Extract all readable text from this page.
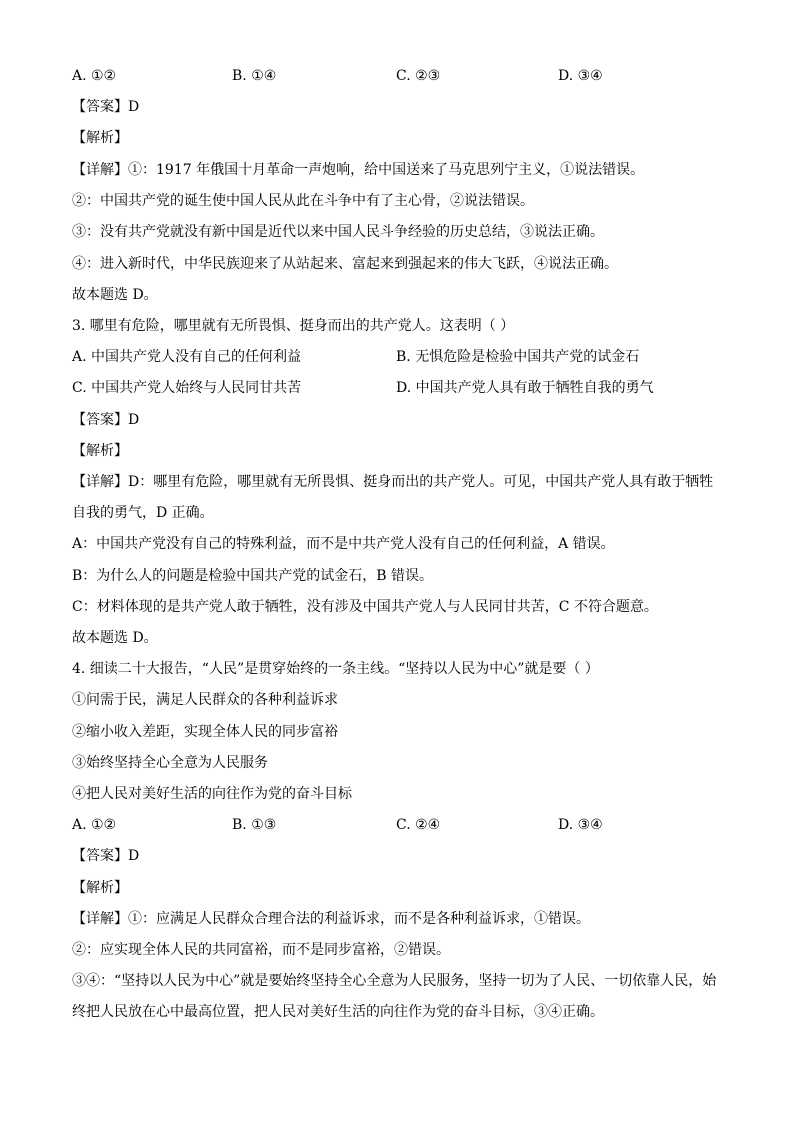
A. ①②	B. ①④	C. ②③	D. ③④
【答案】D
【解析】
【详解】①：1917 年俄国十月革命一声炮响，给中国送来了马克思列宁主义，①说法错误。
②：中国共产党的诞生使中国人民从此在斗争中有了主心骨，②说法错误。
③：没有共产党就没有新中国是近代以来中国人民斗争经验的历史总结，③说法正确。
④：进入新时代，中华民族迎来了从站起来、富起来到强起来的伟大飞跃，④说法正确。
故本题选 D。
3. 哪里有危险，哪里就有无所畏惧、挺身而出的共产党人。这表明（ ）
A. 中国共产党人没有自己的任何利益	B. 无惧危险是检验中国共产党的试金石
C. 中国共产党人始终与人民同甘共苦	D. 中国共产党人具有敢于牺牲自我的勇气
【答案】D
【解析】
【详解】D：哪里有危险，哪里就有无所畏惧、挺身而出的共产党人。可见，中国共产党人具有敢于牺牲自我的勇气，D 正确。
A：中国共产党没有自己的特殊利益，而不是中共产党人没有自己的任何利益，A 错误。
B：为什么人的问题是检验中国共产党的试金石，B 错误。
C：材料体现的是共产党人敢于牺牲，没有涉及中国共产党人与人民同甘共苦，C 不符合题意。
故本题选 D。
4. 细读二十大报告，“人民”是贯穿始终的一条主线。“坚持以人民为中心”就是要（ ）
①问需于民，满足人民群众的各种利益诉求
②缩小收入差距，实现全体人民的同步富裕
③始终坚持全心全意为人民服务
④把人民对美好生活的向往作为党的奋斗目标
A. ①②	B. ①③	C. ②④	D. ③④
【答案】D
【解析】
【详解】①：应满足人民群众合理合法的利益诉求，而不是各种利益诉求，①错误。
②：应实现全体人民的共同富裕，而不是同步富裕，②错误。
③④：“坚持以人民为中心”就是要始终坚持全心全意为人民服务，坚持一切为了人民、一切依靠人民，始终把人民放在心中最高位置，把人民对美好生活的向往作为党的奋斗目标，③④正确。
